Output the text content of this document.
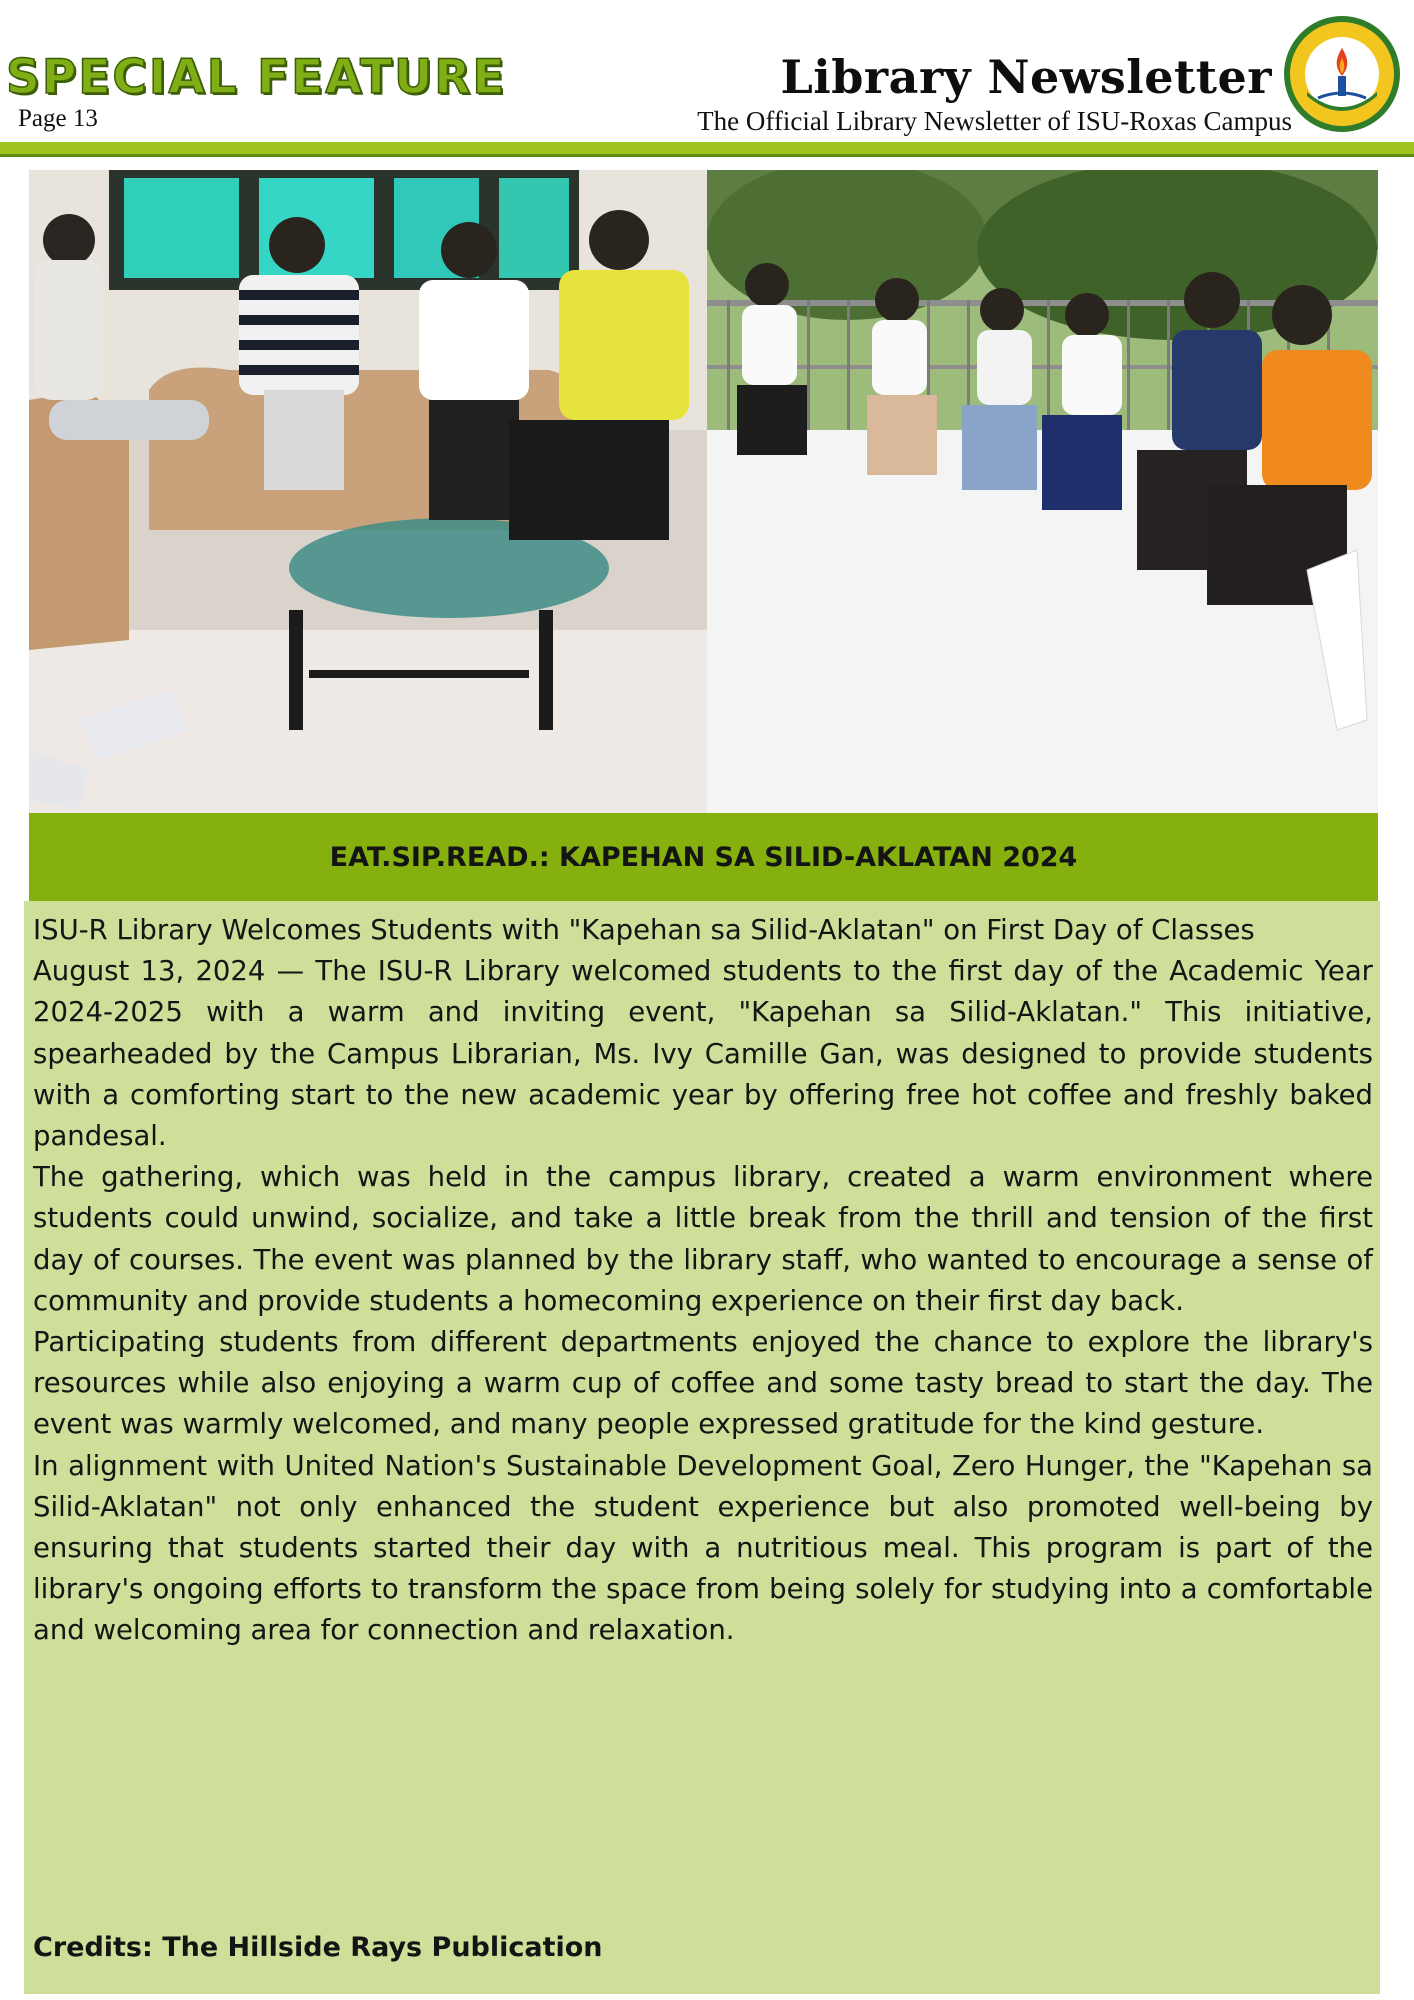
SPECIAL FEATURE
Page 13
Library Newsletter
The Official Library Newsletter of ISU-Roxas Campus
EAT.SIP.READ.: KAPEHAN SA SILID-AKLATAN 2024

ISU-R Library Welcomes Students with "Kapehan sa Silid-Aklatan" on First Day of Classes

August 13, 2024 — The ISU-R Library welcomed students to the first day of the Academic Year 2024-2025 with a warm and inviting event, "Kapehan sa Silid-Aklatan." This initiative, spearheaded by the Campus Librarian, Ms. Ivy Camille Gan, was designed to provide students with a comforting start to the new academic year by offering free hot coffee and freshly baked pandesal.

The gathering, which was held in the campus library, created a warm environment where students could unwind, socialize, and take a little break from the thrill and tension of the first day of courses. The event was planned by the library staff, who wanted to encourage a sense of community and provide students a homecoming experience on their first day back.

Participating students from different departments enjoyed the chance to explore the library's resources while also enjoying a warm cup of coffee and some tasty bread to start the day. The event was warmly welcomed, and many people expressed gratitude for the kind gesture.

In alignment with United Nation's Sustainable Development Goal, Zero Hunger, the "Kapehan sa Silid-Aklatan" not only enhanced the student experience but also promoted well-being by ensuring that students started their day with a nutritious meal. This program is part of the library's ongoing efforts to transform the space from being solely for studying into a comfortable and welcoming area for connection and relaxation.

Credits: The Hillside Rays Publication
